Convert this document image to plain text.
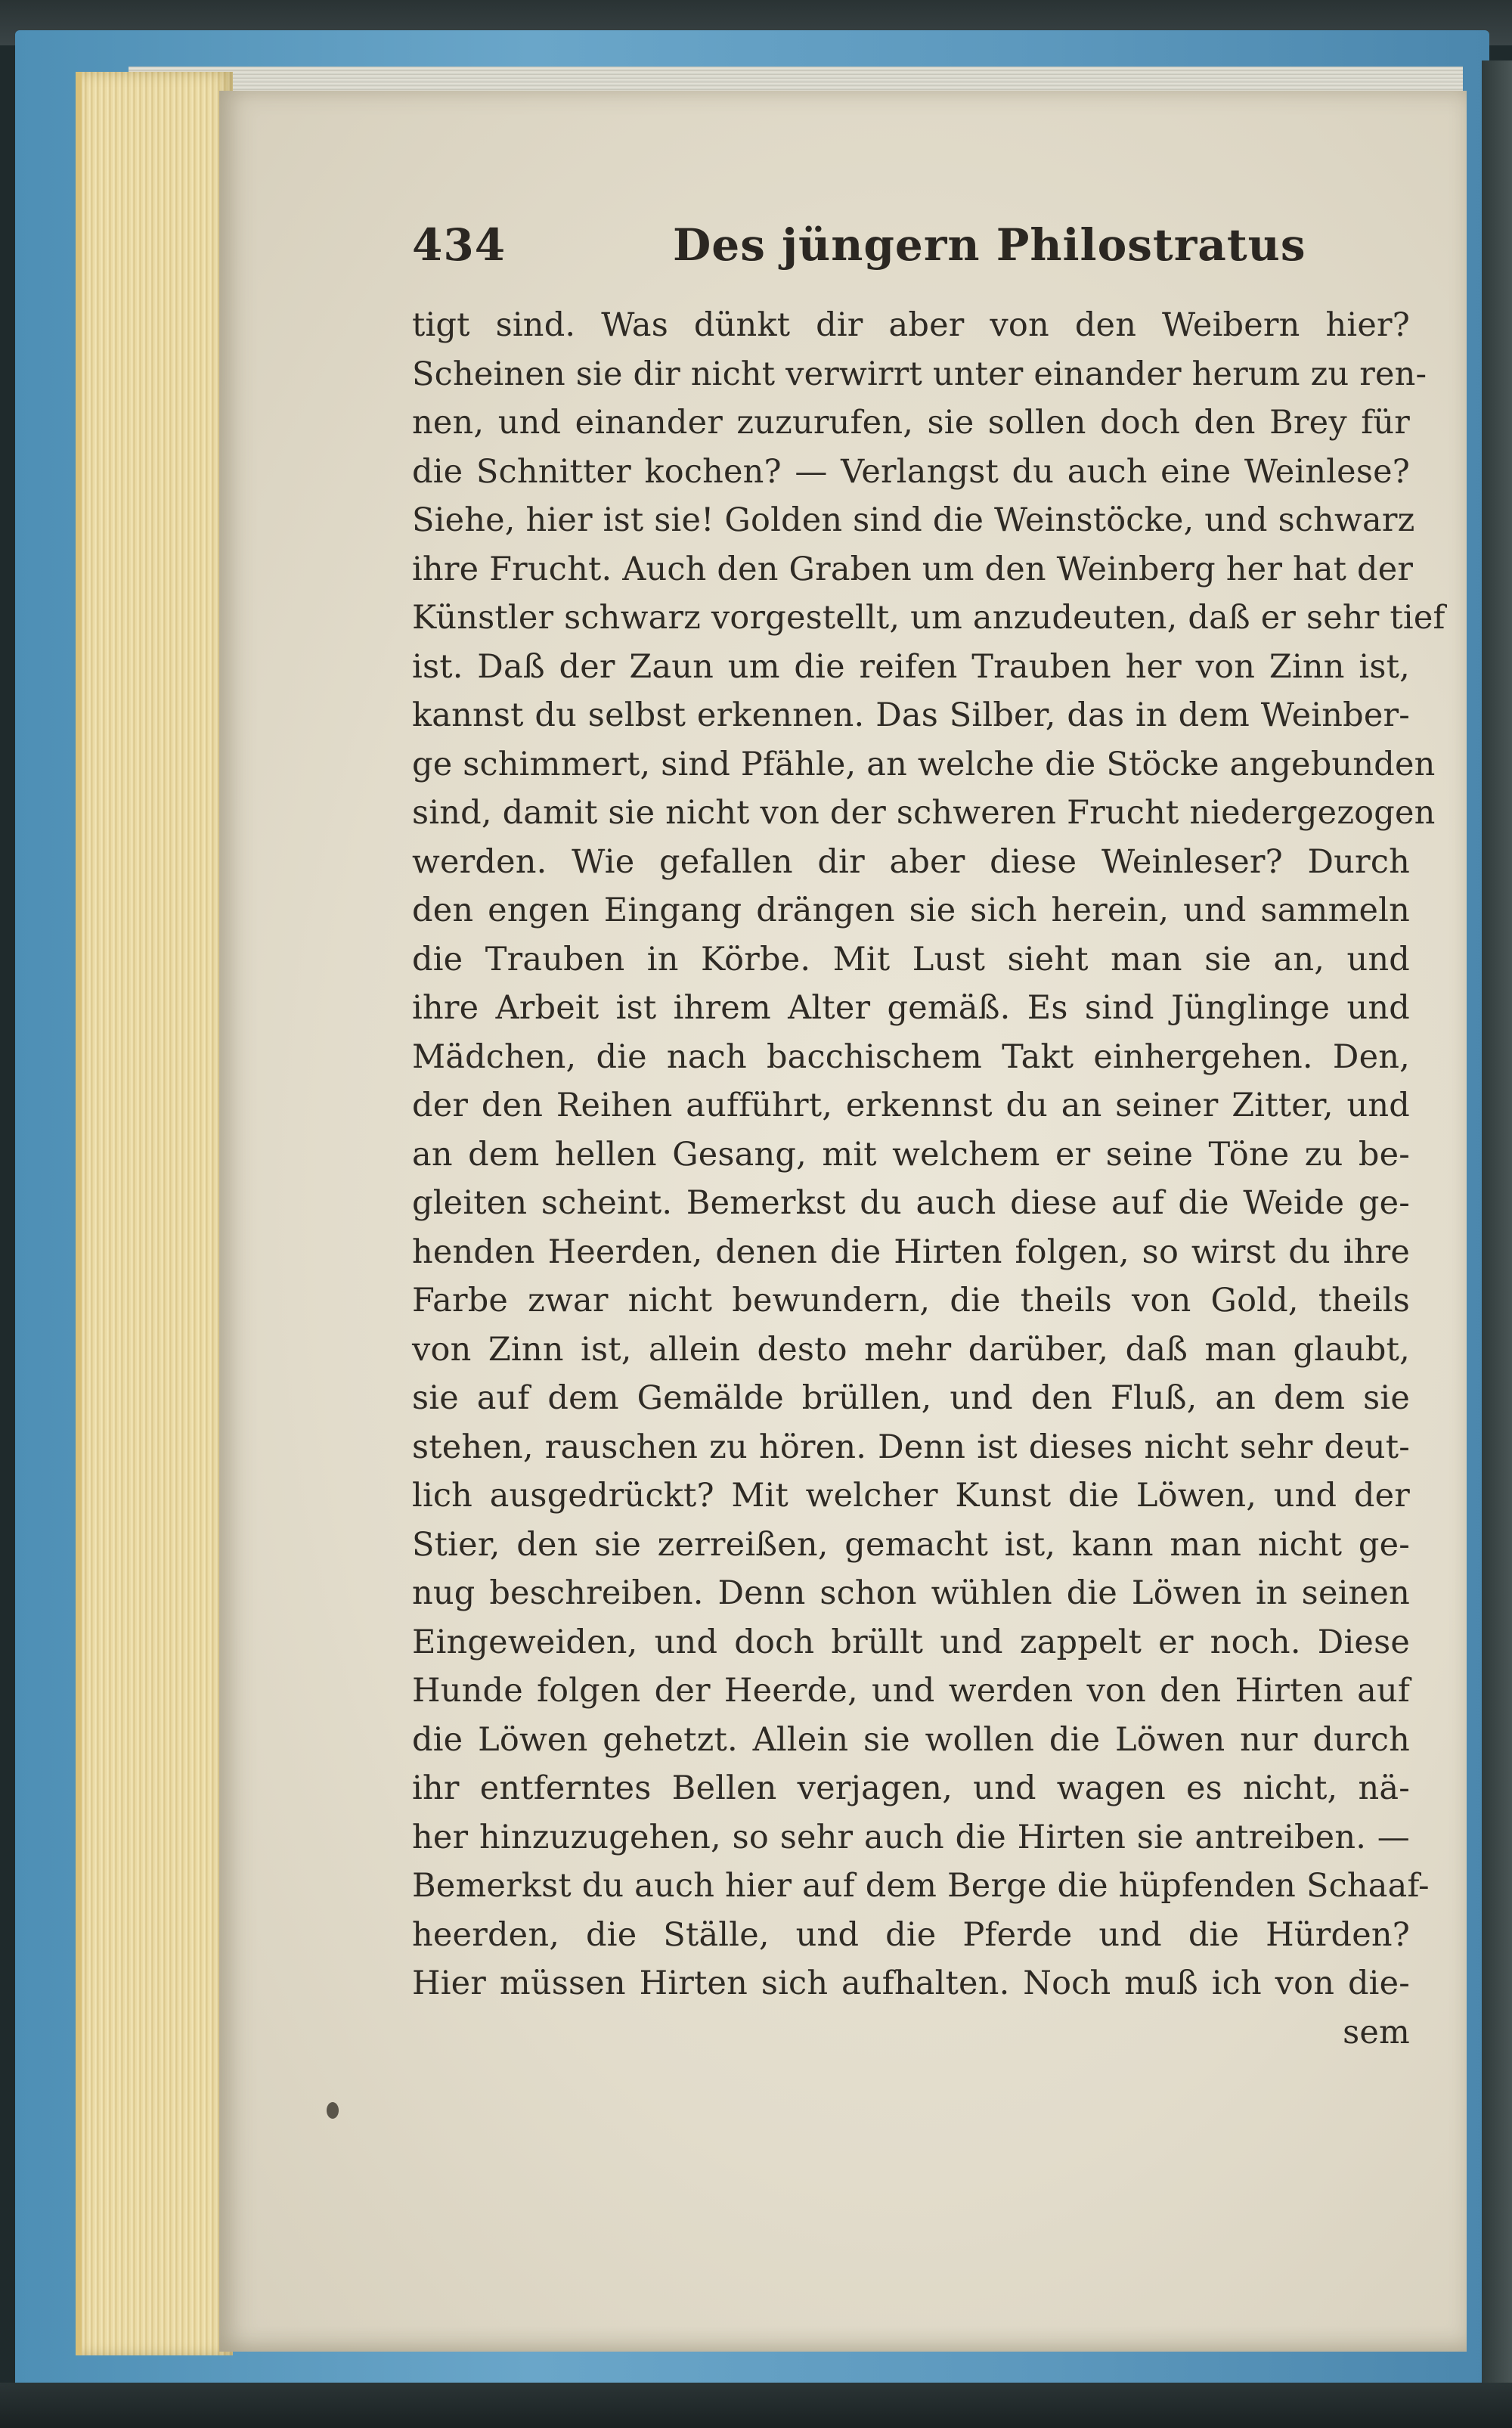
434	Des jüngern Philostratus
tigt sind. Was dünkt dir aber von den Weibern hier?
Scheinen sie dir nicht verwirrt unter einander herum zu ren-
nen, und einander zuzurufen, sie sollen doch den Brey für
die Schnitter kochen? — Verlangst du auch eine Weinlese?
Siehe, hier ist sie! Golden sind die Weinstöcke, und schwarz
ihre Frucht. Auch den Graben um den Weinberg her hat der
Künstler schwarz vorgestellt, um anzudeuten, daß er sehr tief
ist. Daß der Zaun um die reifen Trauben her von Zinn ist,
kannst du selbst erkennen. Das Silber, das in dem Weinber-
ge schimmert, sind Pfähle, an welche die Stöcke angebunden
sind, damit sie nicht von der schweren Frucht niedergezogen
werden. Wie gefallen dir aber diese Weinleser? Durch
den engen Eingang drängen sie sich herein, und sammeln
die Trauben in Körbe. Mit Lust sieht man sie an, und
ihre Arbeit ist ihrem Alter gemäß. Es sind Jünglinge und
Mädchen, die nach bacchischem Takt einhergehen. Den,
der den Reihen aufführt, erkennst du an seiner Zitter, und
an dem hellen Gesang, mit welchem er seine Töne zu be-
gleiten scheint. Bemerkst du auch diese auf die Weide ge-
henden Heerden, denen die Hirten folgen, so wirst du ihre
Farbe zwar nicht bewundern, die theils von Gold, theils
von Zinn ist, allein desto mehr darüber, daß man glaubt,
sie auf dem Gemälde brüllen, und den Fluß, an dem sie
stehen, rauschen zu hören. Denn ist dieses nicht sehr deut-
lich ausgedrückt? Mit welcher Kunst die Löwen, und der
Stier, den sie zerreißen, gemacht ist, kann man nicht ge-
nug beschreiben. Denn schon wühlen die Löwen in seinen
Eingeweiden, und doch brüllt und zappelt er noch. Diese
Hunde folgen der Heerde, und werden von den Hirten auf
die Löwen gehetzt. Allein sie wollen die Löwen nur durch
ihr entferntes Bellen verjagen, und wagen es nicht, nä-
her hinzuzugehen, so sehr auch die Hirten sie antreiben. —
Bemerkst du auch hier auf dem Berge die hüpfenden Schaaf-
heerden, die Ställe, und die Pferde und die Hürden?
Hier müssen Hirten sich aufhalten. Noch muß ich von die-
sem
